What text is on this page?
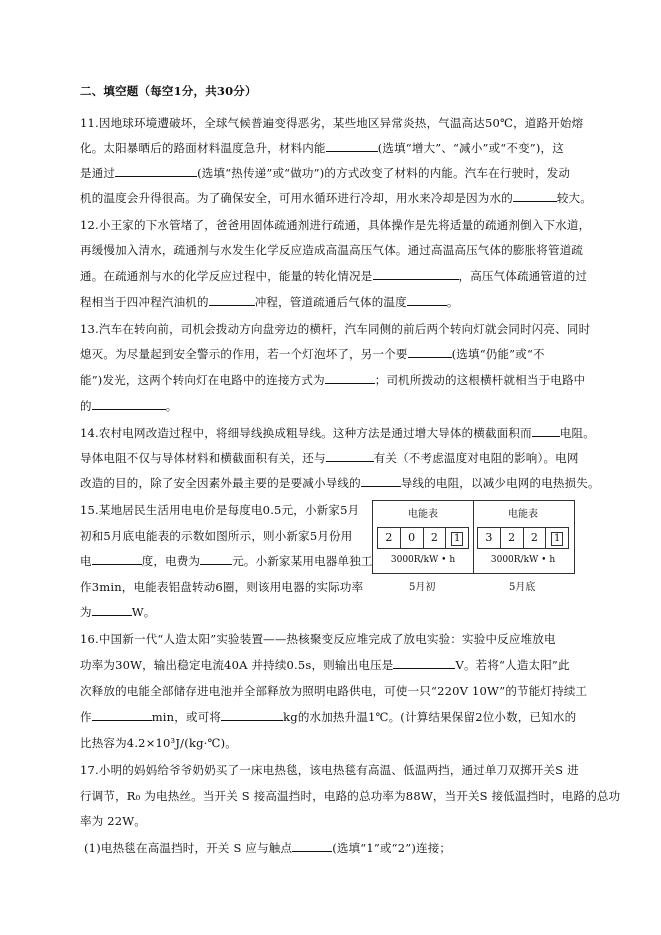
二、填空题（每空1分，共30分）
11.因地球环境遭破坏，全球气候普遍变得恶劣，某些地区异常炎热，气温高达50℃，道路开始熔
化。太阳暴晒后的路面材料温度急升，材料内能	(选填“增大”、“减小”或“不变”)，这
是通过	(选填“热传递”或“做功”)的方式改变了材料的内能。汽车在行驶时，发动
机的温度会升得很高。为了确保安全，可用水循环进行冷却，用水来冷却是因为水的	较大。
12.小王家的下水管堵了，爸爸用固体疏通剂进行疏通，具体操作是先将适量的疏通剂倒入下水道，
再缓慢加入清水，疏通剂与水发生化学反应造成高温高压气体。通过高温高压气体的膨胀将管道疏
通。在疏通剂与水的化学反应过程中，能量的转化情况是	，高压气体疏通管道的过
程相当于四冲程汽油机的	冲程，管道疏通后气体的温度	。
13.汽车在转向前，司机会拨动方向盘旁边的横杆，汽车同侧的前后两个转向灯就会同时闪亮、同时
熄灭。为尽量起到安全警示的作用，若一个灯泡坏了，另一个要	(选填“仍能”或“不
能”)发光，这两个转向灯在电路中的连接方式为	；司机所拨动的这根横杆就相当于电路中
的	。
14.农村电网改造过程中，将细导线换成粗导线。这种方法是通过增大导体的横截面积而 电阻。
导体电阻不仅与导体材料和横截面积有关，还与	有关（不考虑温度对电阻的影响）。电网
改造的目的，除了安全因素外最主要的是要减小导线的	导线的电阻，以减少电网的电热损失。
15.某地居民生活用电电价是每度电0.5元，小新家5月
初和5月底电能表的示数如图所示，则小新家5月份用
电	度，电费为	元。小新家某用电器单独工
作3min，电能表铝盘转动6圈，则该用电器的实际功率
为	W。
电能表
2	0	2	1
3000R/kW • h
电能表
3	2	2	1
3000R/kW • h
5月初	5月底
16.中国新一代“人造太阳”实验装置——热核聚变反应堆完成了放电实验：实验中反应堆放电
功率为30W，输出稳定电流40A 并持续0.5s，则输出电压是	V。若将“人造太阳”此
次释放的电能全部储存进电池并全部释放为照明电路供电，可使一只“220V 10W”的节能灯持续工
作	min，或可将	kg的水加热升温1℃。(计算结果保留2位小数，已知水的
比热容为4.2×10³J/(kg·℃)。
17.小明的妈妈给爷爷奶奶买了一床电热毯，该电热毯有高温、低温两挡，通过单刀双掷开关S 进
行调节，R₀ 为电热丝。当开关 S 接高温挡时，电路的总功率为88W，当开关S 接低温挡时，电路的总功
率为 22W。
(1)电热毯在高温挡时，开关 S 应与触点	(选填“1”或“2”)连接；
